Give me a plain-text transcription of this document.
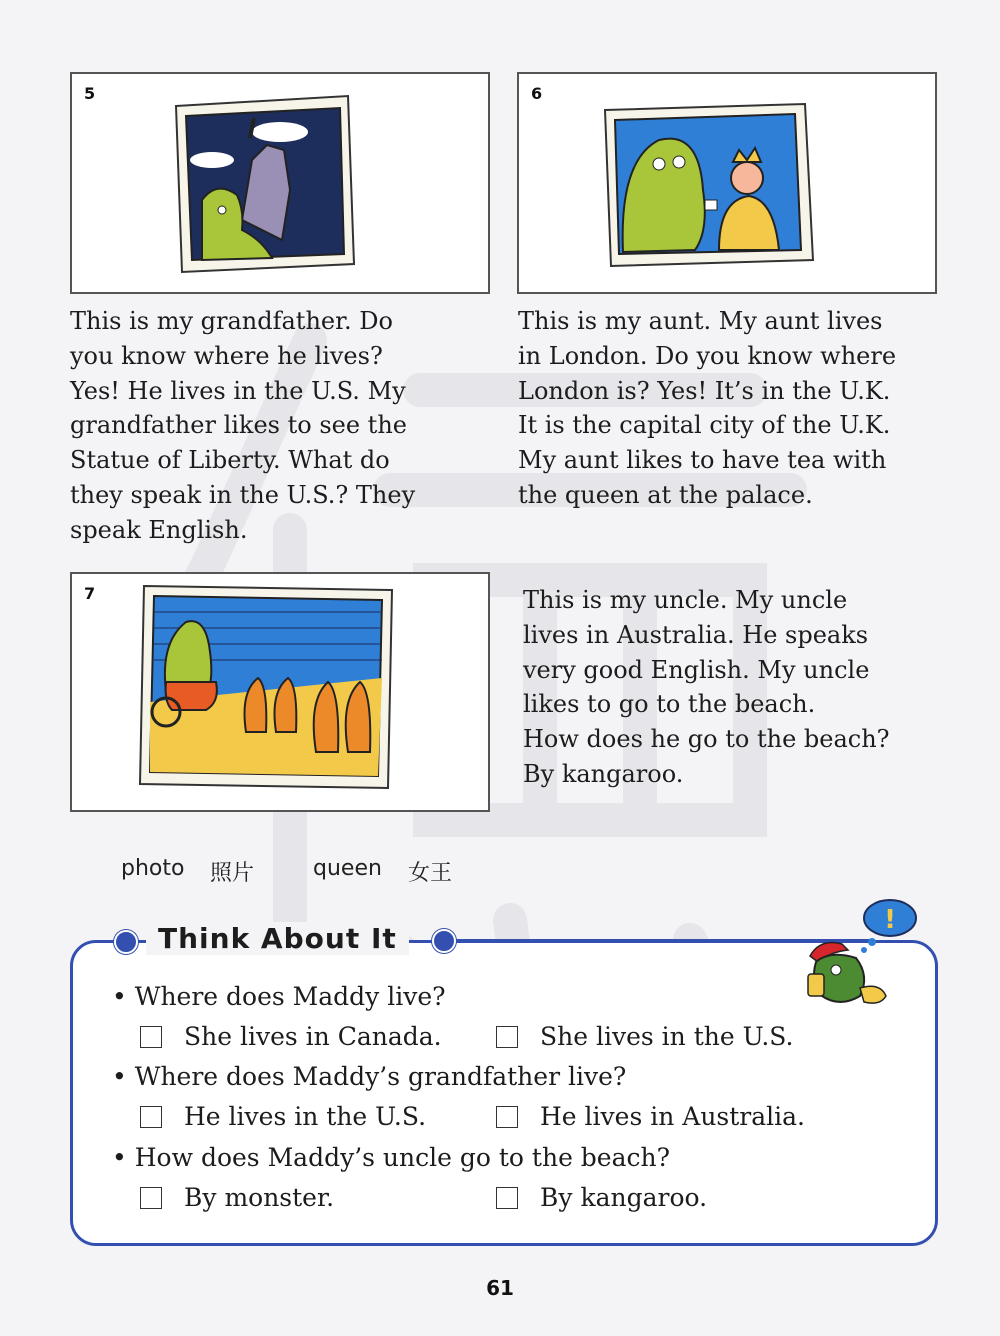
5

This is my grandfather. Do
you know where he lives?
Yes! He lives in the U.S. My
grandfather likes to see the
Statue of Liberty. What do
they speak in the U.S.? They
speak English.

6

This is my aunt. My aunt lives
in London. Do you know where
London is? Yes! It’s in the U.K.
It is the capital city of the U.K.
My aunt likes to have tea with
the queen at the palace.

7	This is my uncle. My uncle
lives in Australia. He speaks
very good English. My uncle
likes to go to the beach.
How does he go to the beach?
By kangaroo.

photo 照片	queen 女王
Think About It
!
• Where does Maddy live?
She lives in Canada.	She lives in the U.S.
• Where does Maddy’s grandfather live?
He lives in the U.S.	He lives in Australia.
• How does Maddy’s uncle go to the beach?
By monster.	By kangaroo.
61
